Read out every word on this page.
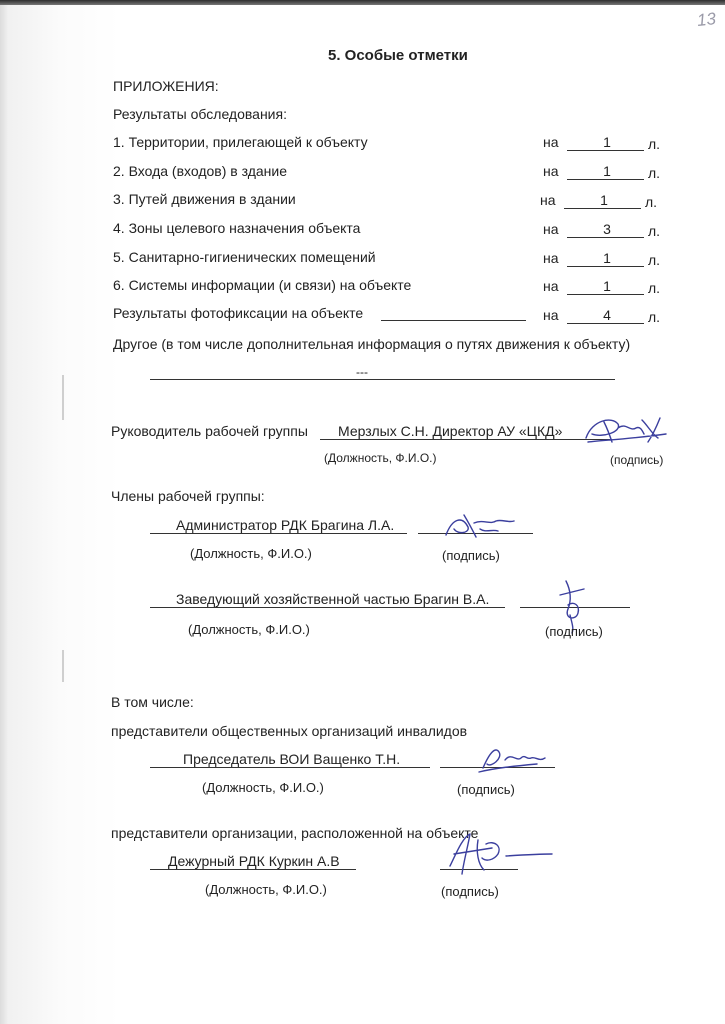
13
5. Особые отметки
ПРИЛОЖЕНИЯ:
Результаты обследования:
1. Территории, прилегающей к объекту	на	1	л.
2. Входа (входов) в здание	на	1	л.
3. Путей движения в здании	на	1	л.
4. Зоны целевого назначения объекта	на	3	л.
5. Санитарно-гигиенических помещений	на	1	л.
6. Системы информации (и связи) на объекте	на	1	л.
Результаты фотофиксации на объекте	на	4	л.
Другое (в том числе дополнительная информация о путях движения к объекту)
---
Руководитель рабочей группы Мерзлых С.Н. Директор АУ «ЦКД»
(Должность, Ф.И.О.)	(подпись)
Члены рабочей группы:
Администратор РДК Брагина Л.А.
(Должность, Ф.И.О.)	(подпись)
Заведующий хозяйственной частью Брагин В.А.
(Должность, Ф.И.О.)	(подпись)
В том числе:
представители общественных организаций инвалидов
Председатель ВОИ Ващенко Т.Н.
(Должность, Ф.И.О.)	(подпись)
представители организации, расположенной на объекте
Дежурный РДК Куркин А.В
(Должность, Ф.И.О.)	(подпись)
